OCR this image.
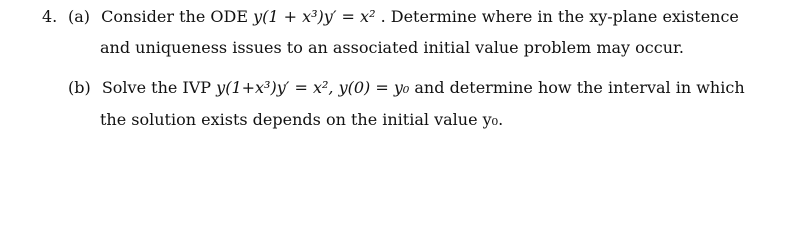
4. (a) Consider the ODE y(1 + x³)y′ = x² . Determine where in the xy-plane existence
and uniqueness issues to an associated initial value problem may occur.
(b) Solve the IVP y(1+x³)y′ = x², y(0) = y₀ and determine how the interval in which
the solution exists depends on the initial value y₀.
